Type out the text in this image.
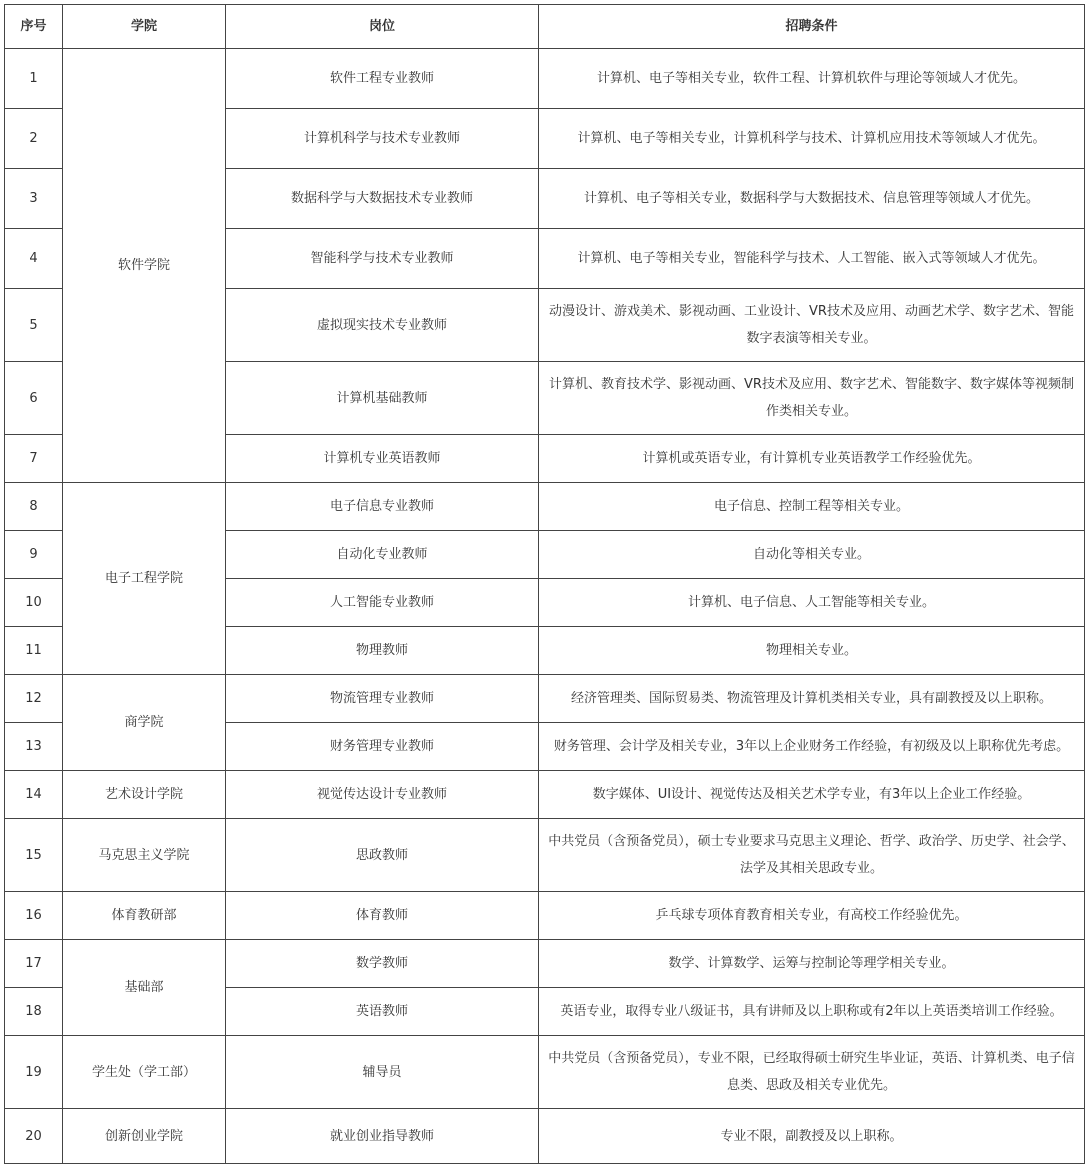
序号	学院	岗位	招聘条件
1	软件学院	软件工程专业教师	计算机、电子等相关专业，软件工程、计算机软件与理论等领域人才优先。
2		计算机科学与技术专业教师	计算机、电子等相关专业，计算机科学与技术、计算机应用技术等领域人才优先。
3		数据科学与大数据技术专业教师	计算机、电子等相关专业，数据科学与大数据技术、信息管理等领域人才优先。
4		智能科学与技术专业教师	计算机、电子等相关专业，智能科学与技术、人工智能、嵌入式等领域人才优先。
5		虚拟现实技术专业教师	动漫设计、游戏美术、影视动画、工业设计、VR技术及应用、动画艺术学、数字艺术、智能数字表演等相关专业。
6		计算机基础教师	计算机、教育技术学、影视动画、VR技术及应用、数字艺术、智能数字、数字媒体等视频制作类相关专业。
7		计算机专业英语教师	计算机或英语专业，有计算机专业英语教学工作经验优先。
8	电子工程学院	电子信息专业教师	电子信息、控制工程等相关专业。
9		自动化专业教师	自动化等相关专业。
10		人工智能专业教师	计算机、电子信息、人工智能等相关专业。
11		物理教师	物理相关专业。
12	商学院	物流管理专业教师	经济管理类、国际贸易类、物流管理及计算机类相关专业，具有副教授及以上职称。
13		财务管理专业教师	财务管理、会计学及相关专业，3年以上企业财务工作经验，有初级及以上职称优先考虑。
14	艺术设计学院	视觉传达设计专业教师	数字媒体、UI设计、视觉传达及相关艺术学专业，有3年以上企业工作经验。
15	马克思主义学院	思政教师	中共党员（含预备党员），硕士专业要求马克思主义理论、哲学、政治学、历史学、社会学、法学及其相关思政专业。
16	体育教研部	体育教师	乒乓球专项体育教育相关专业，有高校工作经验优先。
17	基础部	数学教师	数学、计算数学、运筹与控制论等理学相关专业。
18		英语教师	英语专业，取得专业八级证书，具有讲师及以上职称或有2年以上英语类培训工作经验。
19	学生处（学工部）	辅导员	中共党员（含预备党员），专业不限，已经取得硕士研究生毕业证，英语、计算机类、电子信息类、思政及相关专业优先。
20	创新创业学院	就业创业指导教师	专业不限，副教授及以上职称。
